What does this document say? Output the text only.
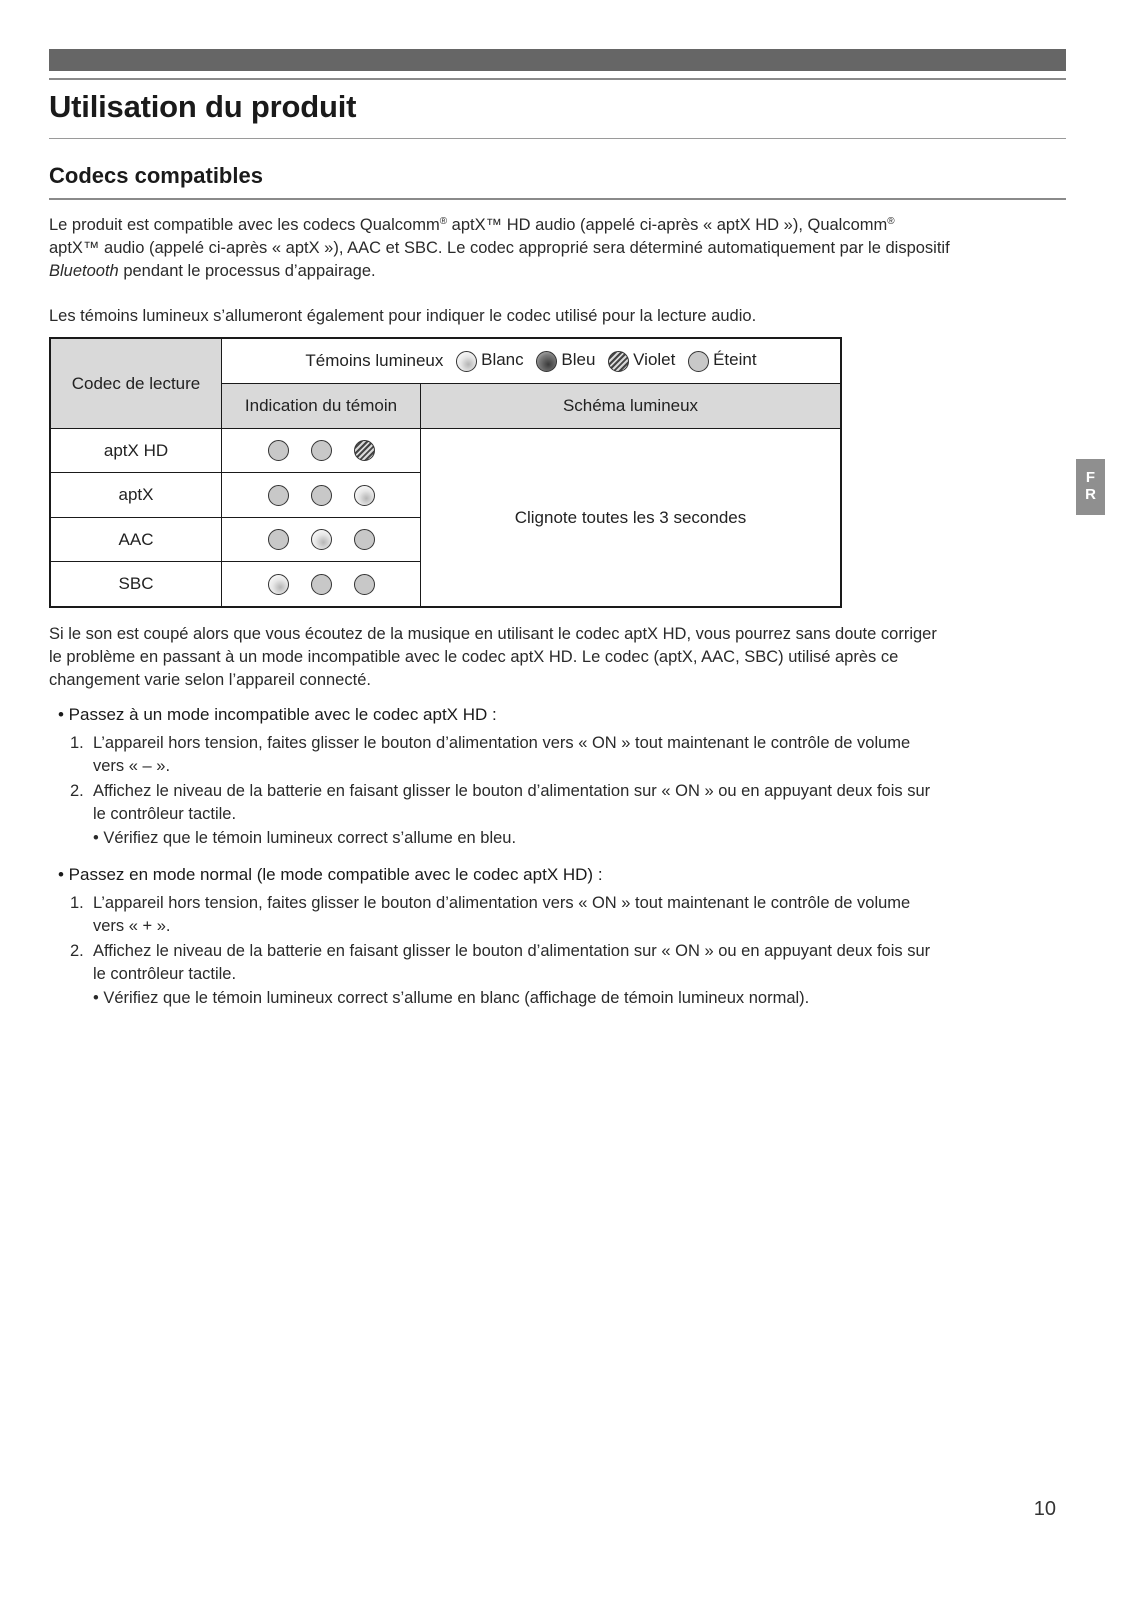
Utilisation du produit
Codecs compatibles

Le produit est compatible avec les codecs Qualcomm® aptX™ HD audio (appelé ci-après « aptX HD »), Qualcomm®
aptX™ audio (appelé ci-après « aptX »), AAC et SBC. Le codec approprié sera déterminé automatiquement par le dispositif
Bluetooth pendant le processus d’appairage.

Les témoins lumineux s’allumeront également pour indiquer le codec utilisé pour la lecture audio.

Codec de lecture	Témoins lumineux Blanc Bleu Violet Éteint	
	Indication du témoin	Schéma lumineux
aptX HD		Clignote toutes les 3 secondes
aptX		
AAC		
SBC		

Si le son est coupé alors que vous écoutez de la musique en utilisant le codec aptX HD, vous pourrez sans doute corriger
le problème en passant à un mode incompatible avec le codec aptX HD. Le codec (aptX, AAC, SBC) utilisé après ce
changement varie selon l’appareil connecté.

• Passez à un mode incompatible avec le codec aptX HD :

1. L’appareil hors tension, faites glisser le bouton d’alimentation vers « ON » tout maintenant le contrôle de volume
vers « – ».

2. Affichez le niveau de la batterie en faisant glisser le bouton d’alimentation sur « ON » ou en appuyant deux fois sur
le contrôleur tactile.

• Vérifiez que le témoin lumineux correct s’allume en bleu.

• Passez en mode normal (le mode compatible avec le codec aptX HD) :

1. L’appareil hors tension, faites glisser le bouton d’alimentation vers « ON » tout maintenant le contrôle de volume
vers « + ».

2. Affichez le niveau de la batterie en faisant glisser le bouton d’alimentation sur « ON » ou en appuyant deux fois sur
le contrôleur tactile.

• Vérifiez que le témoin lumineux correct s’allume en blanc (affichage de témoin lumineux normal).

F
R
10
